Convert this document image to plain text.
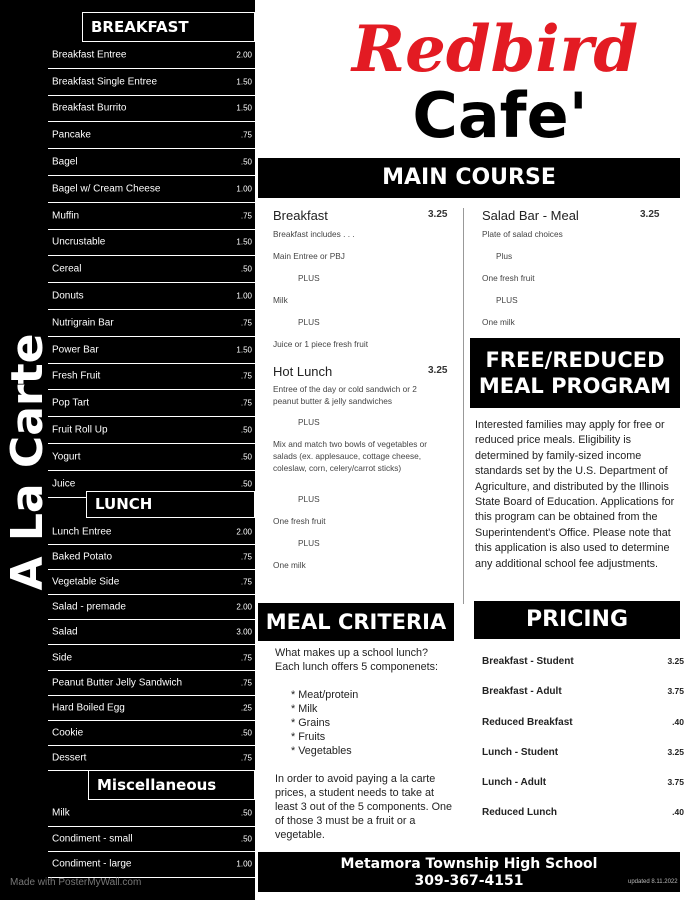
A La Carte
BREAKFAST
Breakfast Entree	2.00
Breakfast Single Entree	1.50
Breakfast Burrito	1.50
Pancake	.75
Bagel	.50
Bagel w/ Cream Cheese	1.00
Muffin	.75
Uncrustable	1.50
Cereal	.50
Donuts	1.00
Nutrigrain Bar	.75
Power Bar	1.50
Fresh Fruit	.75
Pop Tart	.75
Fruit Roll Up	.50
Yogurt	.50
Juice	.50
LUNCH
Lunch Entree	2.00
Baked Potato	.75
Vegetable Side	.75
Salad - premade	2.00
Salad	3.00
Side	.75
Peanut Butter Jelly Sandwich	.75
Hard Boiled Egg	.25
Cookie	.50
Dessert	.75
Miscellaneous
Milk	.50
Condiment - small	.50
Condiment - large	1.00
Made with PosterMyWall.com
Redbird
Cafe'
MAIN COURSE
Breakfast	3.25
Breakfast includes . . .
Main Entree or PBJ
PLUS
Milk
PLUS
Juice or 1 piece fresh fruit
Hot Lunch	3.25
Entree of the day or cold sandwich or 2 peanut butter & jelly sandwiches
PLUS
Mix and match two bowls of vegetables or salads (ex. applesauce, cottage cheese, coleslaw, corn, celery/carrot sticks)
PLUS
One fresh fruit
PLUS
One milk
Salad Bar - Meal	3.25
Plate of salad choices
Plus
One fresh fruit
PLUS
One milk
FREE/REDUCED
MEAL PROGRAM
Interested families may apply for free or reduced price meals. Eligibility is determined by family-sized income standards set by the U.S. Department of Agriculture, and distributed by the Illinois State Board of Education. Applications for this program can be obtained from the Superintendent's Office. Please note that this application is also used to determine any additional school fee adjustments.
MEAL CRITERIA

What makes up a school lunch?

Each lunch offers 5 componenets:

* Meat/protein

* Milk

* Grains

* Fruits

* Vegetables

In order to avoid paying a la carte prices, a student needs to take at least 3 out of the 5 components. One of those 3 must be a fruit or a vegetable.

PRICING
Breakfast - Student	3.25
Breakfast - Adult	3.75
Reduced Breakfast	.40
Lunch - Student	3.25
Lunch - Adult	3.75
Reduced Lunch	.40
Metamora Township High School
309-367-4151	updated 8.11.2022
